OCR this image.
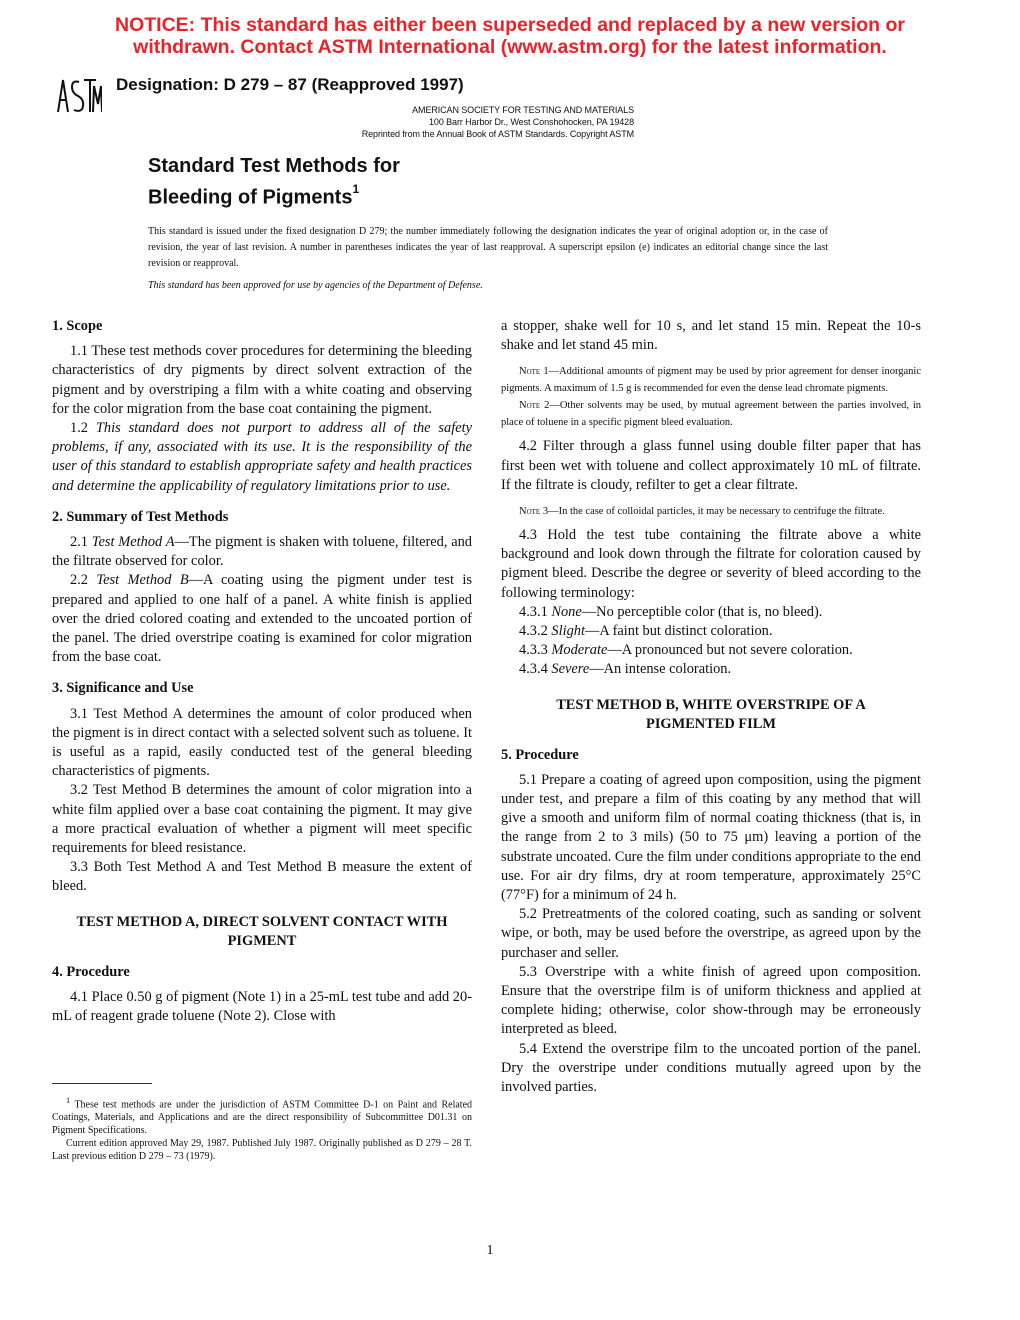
NOTICE: This standard has either been superseded and replaced by a new version or
withdrawn. Contact ASTM International (www.astm.org) for the latest information.
Designation: D 279 – 87 (Reapproved 1997)
AMERICAN SOCIETY FOR TESTING AND MATERIALS
100 Barr Harbor Dr., West Conshohocken, PA 19428
Reprinted from the Annual Book of ASTM Standards. Copyright ASTM
Standard Test Methods for
Bleeding of Pigments$^1$
This standard is issued under the fixed designation D 279; the number immediately following the designation indicates the year of original adoption or, in the case of revision, the year of last revision. A number in parentheses indicates the year of last reapproval. A superscript epsilon (e) indicates an editorial change since the last revision or reapproval.
This standard has been approved for use by agencies of the Department of Defense.
1. Scope

1.1 These test methods cover procedures for determining the bleeding characteristics of dry pigments by direct solvent extraction of the pigment and by overstriping a film with a white coating and observing for the color migration from the base coat containing the pigment.

1.2 This standard does not purport to address all of the safety problems, if any, associated with its use. It is the responsibility of the user of this standard to establish appropriate safety and health practices and determine the applicability of regulatory limitations prior to use.

2. Summary of Test Methods

2.1 Test Method A—The pigment is shaken with toluene, filtered, and the filtrate observed for color.

2.2 Test Method B—A coating using the pigment under test is prepared and applied to one half of a panel. A white finish is applied over the dried colored coating and extended to the uncoated portion of the panel. The dried overstripe coating is examined for color migration from the base coat.

3. Significance and Use

3.1 Test Method A determines the amount of color produced when the pigment is in direct contact with a selected solvent such as toluene. It is useful as a rapid, easily conducted test of the general bleeding characteristics of pigments.

3.2 Test Method B determines the amount of color migration into a white film applied over a base coat containing the pigment. It may give a more practical evaluation of whether a pigment will meet specific requirements for bleed resistance.

3.3 Both Test Method A and Test Method B measure the extent of bleed.

TEST METHOD A, DIRECT SOLVENT CONTACT WITH PIGMENT
4. Procedure

4.1 Place 0.50 g of pigment (Note 1) in a 25-mL test tube and add 20-mL of reagent grade toluene (Note 2). Close with

$^1$ These test methods are under the jurisdiction of ASTM Committee D-1 on Paint and Related Coatings, Materials, and Applications and are the direct responsibility of Subcommittee D01.31 on Pigment Specifications.

Current edition approved May 29, 1987. Published July 1987. Originally published as D 279 – 28 T. Last previous edition D 279 – 73 (1979).

a stopper, shake well for 10 s, and let stand 15 min. Repeat the 10-s shake and let stand 45 min.

Note 1—Additional amounts of pigment may be used by prior agreement for denser inorganic pigments. A maximum of 1.5 g is recommended for even the dense lead chromate pigments.

Note 2—Other solvents may be used, by mutual agreement between the parties involved, in place of toluene in a specific pigment bleed evaluation.

4.2 Filter through a glass funnel using double filter paper that has first been wet with toluene and collect approximately 10 mL of filtrate. If the filtrate is cloudy, refilter to get a clear filtrate.

Note 3—In the case of colloidal particles, it may be necessary to centrifuge the filtrate.

4.3 Hold the test tube containing the filtrate above a white background and look down through the filtrate for coloration caused by pigment bleed. Describe the degree or severity of bleed according to the following terminology:

4.3.1 None—No perceptible color (that is, no bleed).

4.3.2 Slight—A faint but distinct coloration.

4.3.3 Moderate—A pronounced but not severe coloration.

4.3.4 Severe—An intense coloration.

TEST METHOD B, WHITE OVERSTRIPE OF A PIGMENTED FILM
5. Procedure

5.1 Prepare a coating of agreed upon composition, using the pigment under test, and prepare a film of this coating by any method that will give a smooth and uniform film of normal coating thickness (that is, in the range from 2 to 3 mils) (50 to 75 μm) leaving a portion of the substrate uncoated. Cure the film under conditions appropriate to the end use. For air dry films, dry at room temperature, approximately 25°C (77°F) for a minimum of 24 h.

5.2 Pretreatments of the colored coating, such as sanding or solvent wipe, or both, may be used before the overstripe, as agreed upon by the purchaser and seller.

5.3 Overstripe with a white finish of agreed upon composition. Ensure that the overstripe film is of uniform thickness and applied at complete hiding; otherwise, color show-through may be erroneously interpreted as bleed.

5.4 Extend the overstripe film to the uncoated portion of the panel. Dry the overstripe under conditions mutually agreed upon by the involved parties.

1
